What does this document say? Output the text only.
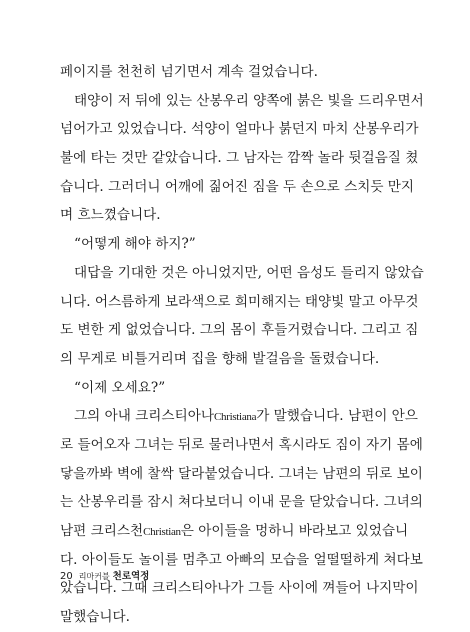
페이지를 천천히 넘기면서 계속 걸었습니다.
태양이 저 뒤에 있는 산봉우리 양쪽에 붉은 빛을 드리우면서
넘어가고 있었습니다. 석양이 얼마나 붉던지 마치 산봉우리가
불에 타는 것만 같았습니다. 그 남자는 깜짝 놀라 뒷걸음질 쳤
습니다. 그러더니 어깨에 짊어진 짐을 두 손으로 스치듯 만지
며 흐느꼈습니다.
“어떻게 해야 하지?”
대답을 기대한 것은 아니었지만, 어떤 음성도 들리지 않았습
니다. 어스름하게 보라색으로 희미해지는 태양빛 말고 아무것
도 변한 게 없었습니다. 그의 몸이 후들거렸습니다. 그리고 짐
의 무게로 비틀거리며 집을 향해 발걸음을 돌렸습니다.
“이제 오세요?”
그의 아내 크리스티아나Christiana가 말했습니다. 남편이 안으
로 들어오자 그녀는 뒤로 물러나면서 혹시라도 짐이 자기 몸에
닿을까봐 벽에 찰싹 달라붙었습니다. 그녀는 남편의 뒤로 보이
는 산봉우리를 잠시 쳐다보더니 이내 문을 닫았습니다. 그녀의
남편 크리스천Christian은 아이들을 멍하니 바라보고 있었습니
다. 아이들도 놀이를 멈추고 아빠의 모습을 얼떨떨하게 쳐다보
았습니다. 그때 크리스티아나가 그들 사이에 껴들어 나지막이
말했습니다.
20 리마커블 천로역정
